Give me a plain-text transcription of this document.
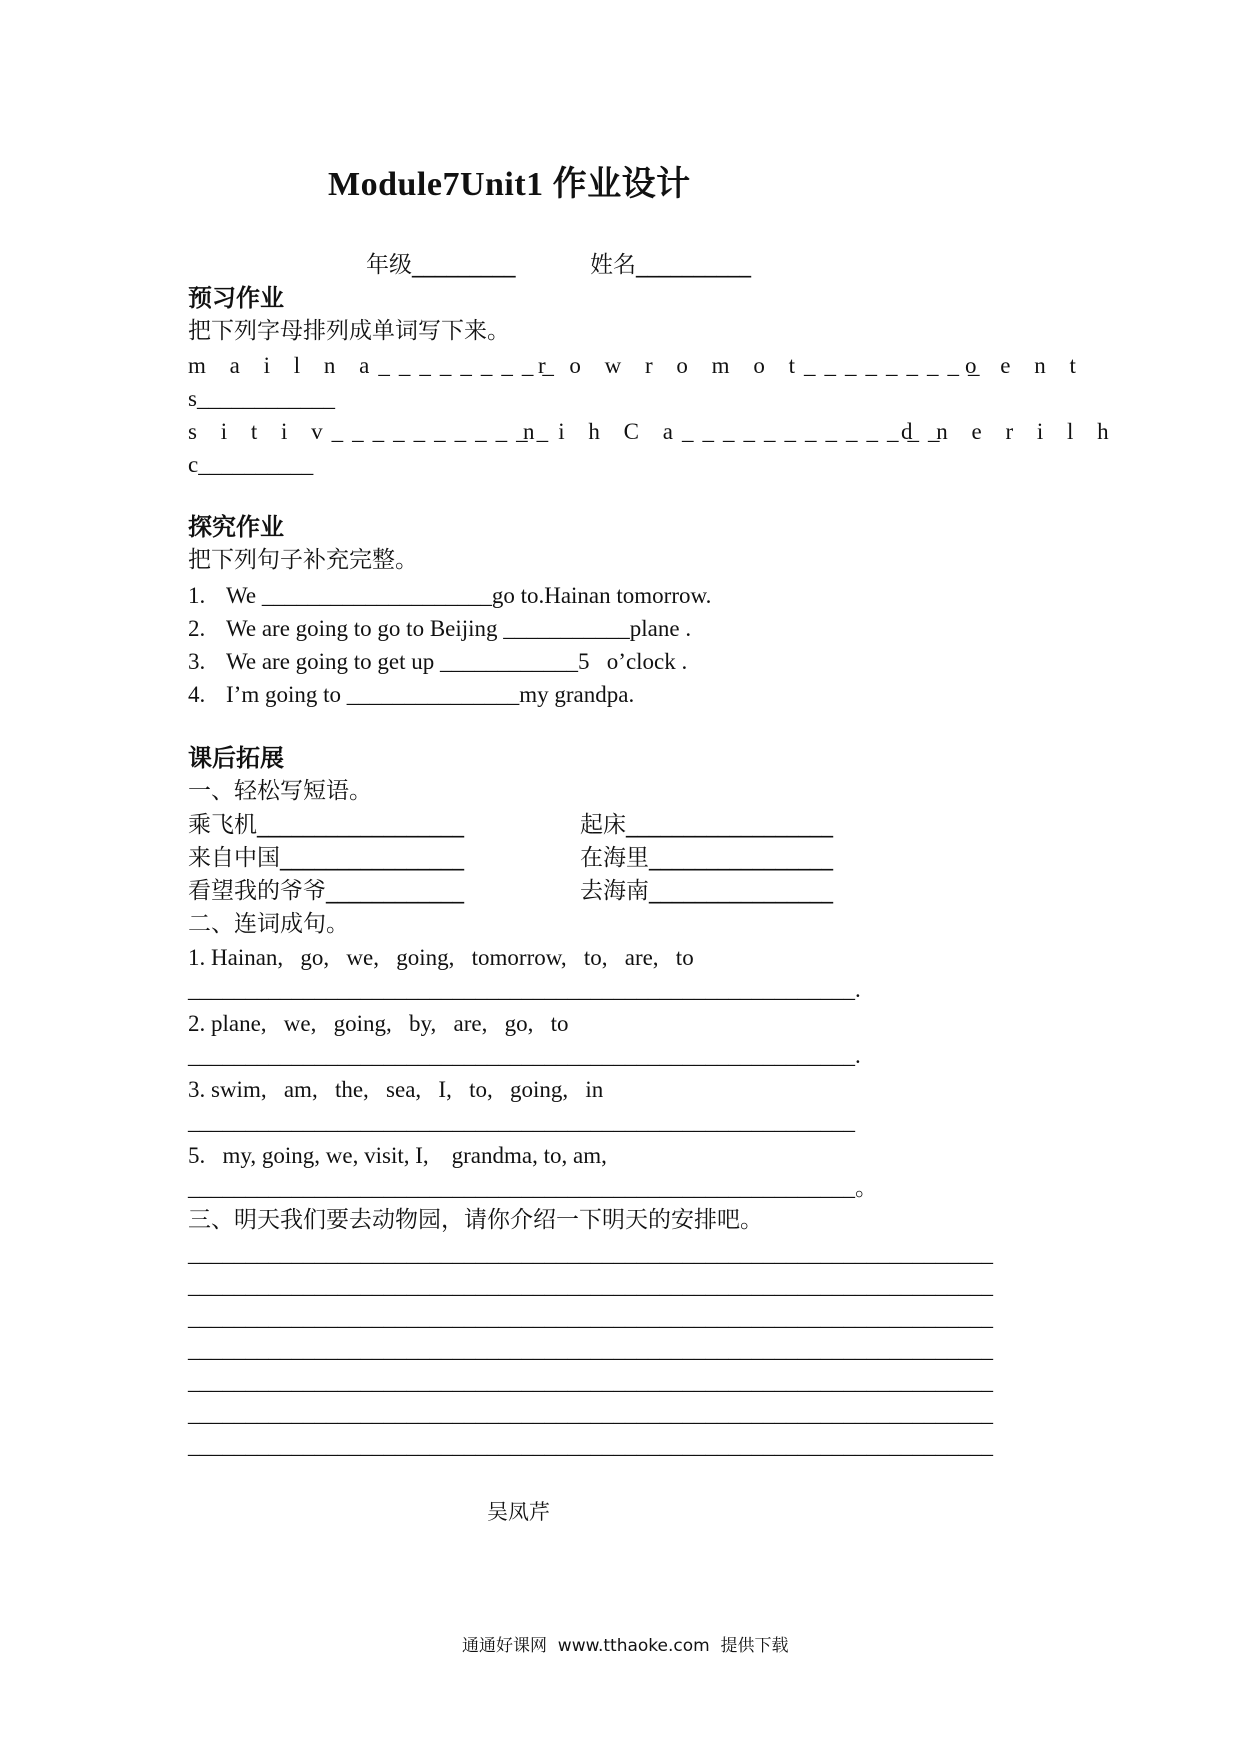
Module7Unit1 作业设计
年级_________	姓名__________
预习作业
把下列字母排列成单词写下来。
m a i l n a_________
r o w r o m o t_________
o e n t
s____________
s i t i v___________
n i h C a_____________
d n e r i l h
c__________
探究作业
把下列句子补充完整。
1. We ____________________go to.Hainan tomorrow.
2. We are going to go to Beijing ___________plane .
3. We are going to get up ____________5   o’clock .
4. I’m going to _______________my grandpa.
课后拓展
一、轻松写短语。
乘飞机__________________	起床__________________
来自中国________________	在海里________________
看望我的爷爷____________	去海南________________
二、连词成句。
1. Hainan,   go,   we,   going,   tomorrow,   to,   are,   to
__________________________________________________________.
2. plane,   we,   going,   by,   are,   go,   to
__________________________________________________________.
3. swim,   am,   the,   sea,   I,   to,   going,   in
__________________________________________________________
5.   my, going, we, visit, I,    grandma, to, am,
__________________________________________________________。
三、明天我们要去动物园，请你介绍一下明天的安排吧。
______________________________________________________________________
______________________________________________________________________
______________________________________________________________________
______________________________________________________________________
______________________________________________________________________
______________________________________________________________________
______________________________________________________________________
吴凤芹
通通好课网  www.tthaoke.com  提供下载
